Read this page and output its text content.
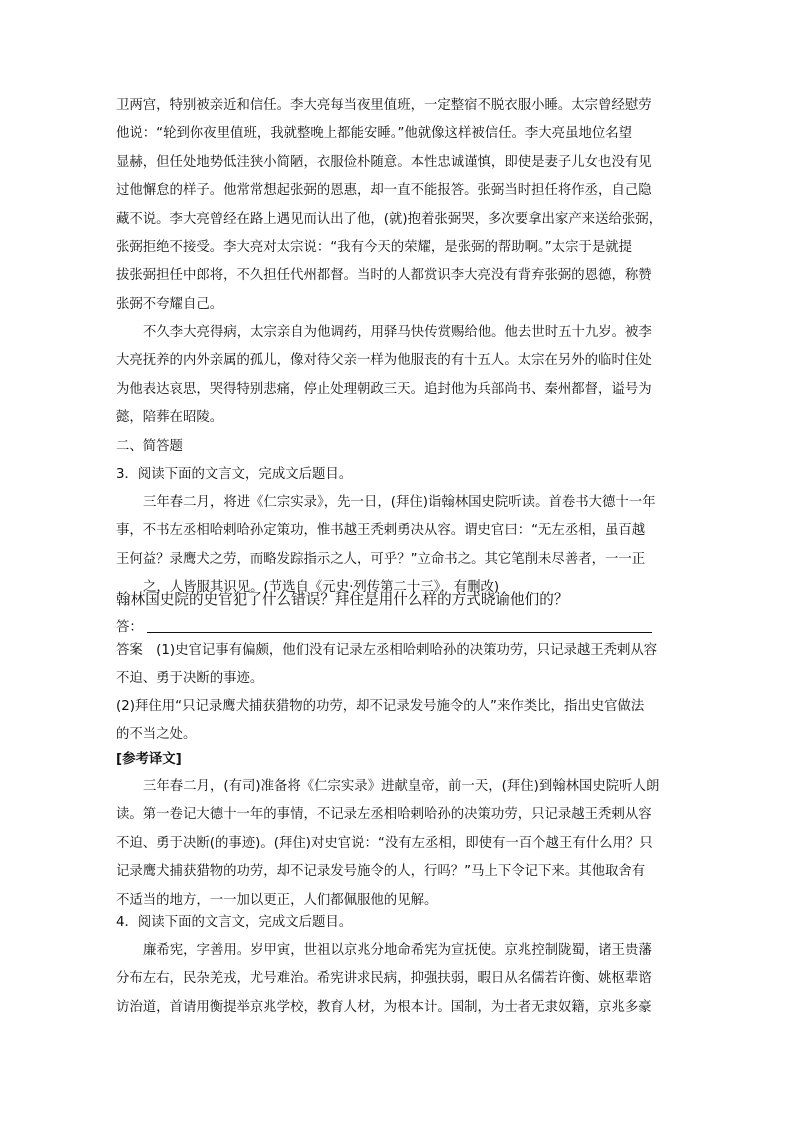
卫两宫，特别被亲近和信任。李大亮每当夜里值班，一定整宿不脱衣服小睡。太宗曾经慰劳
他说：“轮到你夜里值班，我就整晚上都能安睡。”他就像这样被信任。李大亮虽地位名望
显赫，但任处地势低洼狭小简陋，衣服俭朴随意。本性忠诚谨慎，即使是妻子儿女也没有见
过他懈怠的样子。他常常想起张弼的恩惠，却一直不能报答。张弼当时担任将作丞，自己隐
藏不说。李大亮曾经在路上遇见而认出了他，(就)抱着张弼哭，多次要拿出家产来送给张弼，
张弼拒绝不接受。李大亮对太宗说：“我有今天的荣耀，是张弼的帮助啊。”太宗于是就提
拔张弼担任中郎将，不久担任代州都督。当时的人都赏识李大亮没有背弃张弼的恩德，称赞
张弼不夸耀自己。
不久李大亮得病，太宗亲自为他调药，用驿马快传赏赐给他。他去世时五十九岁。被李
大亮抚养的内外亲属的孤儿，像对待父亲一样为他服丧的有十五人。太宗在另外的临时住处
为他表达哀思，哭得特别悲痛，停止处理朝政三天。追封他为兵部尚书、秦州都督，谥号为
懿，陪葬在昭陵。
二、简答题
3．阅读下面的文言文，完成文后题目。
三年春二月，将进《仁宗实录》，先一日，(拜住)诣翰林国史院听读。首卷书大德十一年
事，不书左丞相哈剌哈孙定策功，惟书越王秃剌勇决从容。谓史官曰：“无左丞相，虽百越
王何益？录鹰犬之劳，而略发踪指示之人，可乎？”立命书之。其它笔削未尽善者，一一正
之，人皆服其识见。(节选自《元史·列传第二十三》，有删改)
翰林国史院的史官犯了什么错误？拜住是用什么样的方式晓谕他们的？
答：
答案　(1)史官记事有偏颇，他们没有记录左丞相哈剌哈孙的决策功劳，只记录越王秃剌从容
不迫、勇于决断的事迹。
(2)拜住用“只记录鹰犬捕获猎物的功劳，却不记录发号施令的人”来作类比，指出史官做法
的不当之处。
[参考译文]
三年春二月，(有司)准备将《仁宗实录》进献皇帝，前一天，(拜住)到翰林国史院听人朗
读。第一卷记大德十一年的事情，不记录左丞相哈剌哈孙的决策功劳，只记录越王秃剌从容
不迫、勇于决断(的事迹)。(拜住)对史官说：“没有左丞相，即使有一百个越王有什么用？只
记录鹰犬捕获猎物的功劳，却不记录发号施令的人，行吗？”马上下令记下来。其他取舍有
不适当的地方，一一加以更正，人们都佩服他的见解。
4．阅读下面的文言文，完成文后题目。
廉希宪，字善用。岁甲寅，世祖以京兆分地命希宪为宣抚使。京兆控制陇蜀，诸王贵藩
分布左右，民杂羌戎，尤号难治。希宪讲求民病，抑强扶弱，暇日从名儒若许衡、姚枢辈谘
访治道，首请用衡提举京兆学校，教育人材，为根本计。国制，为士者无隶奴籍，京兆多豪
